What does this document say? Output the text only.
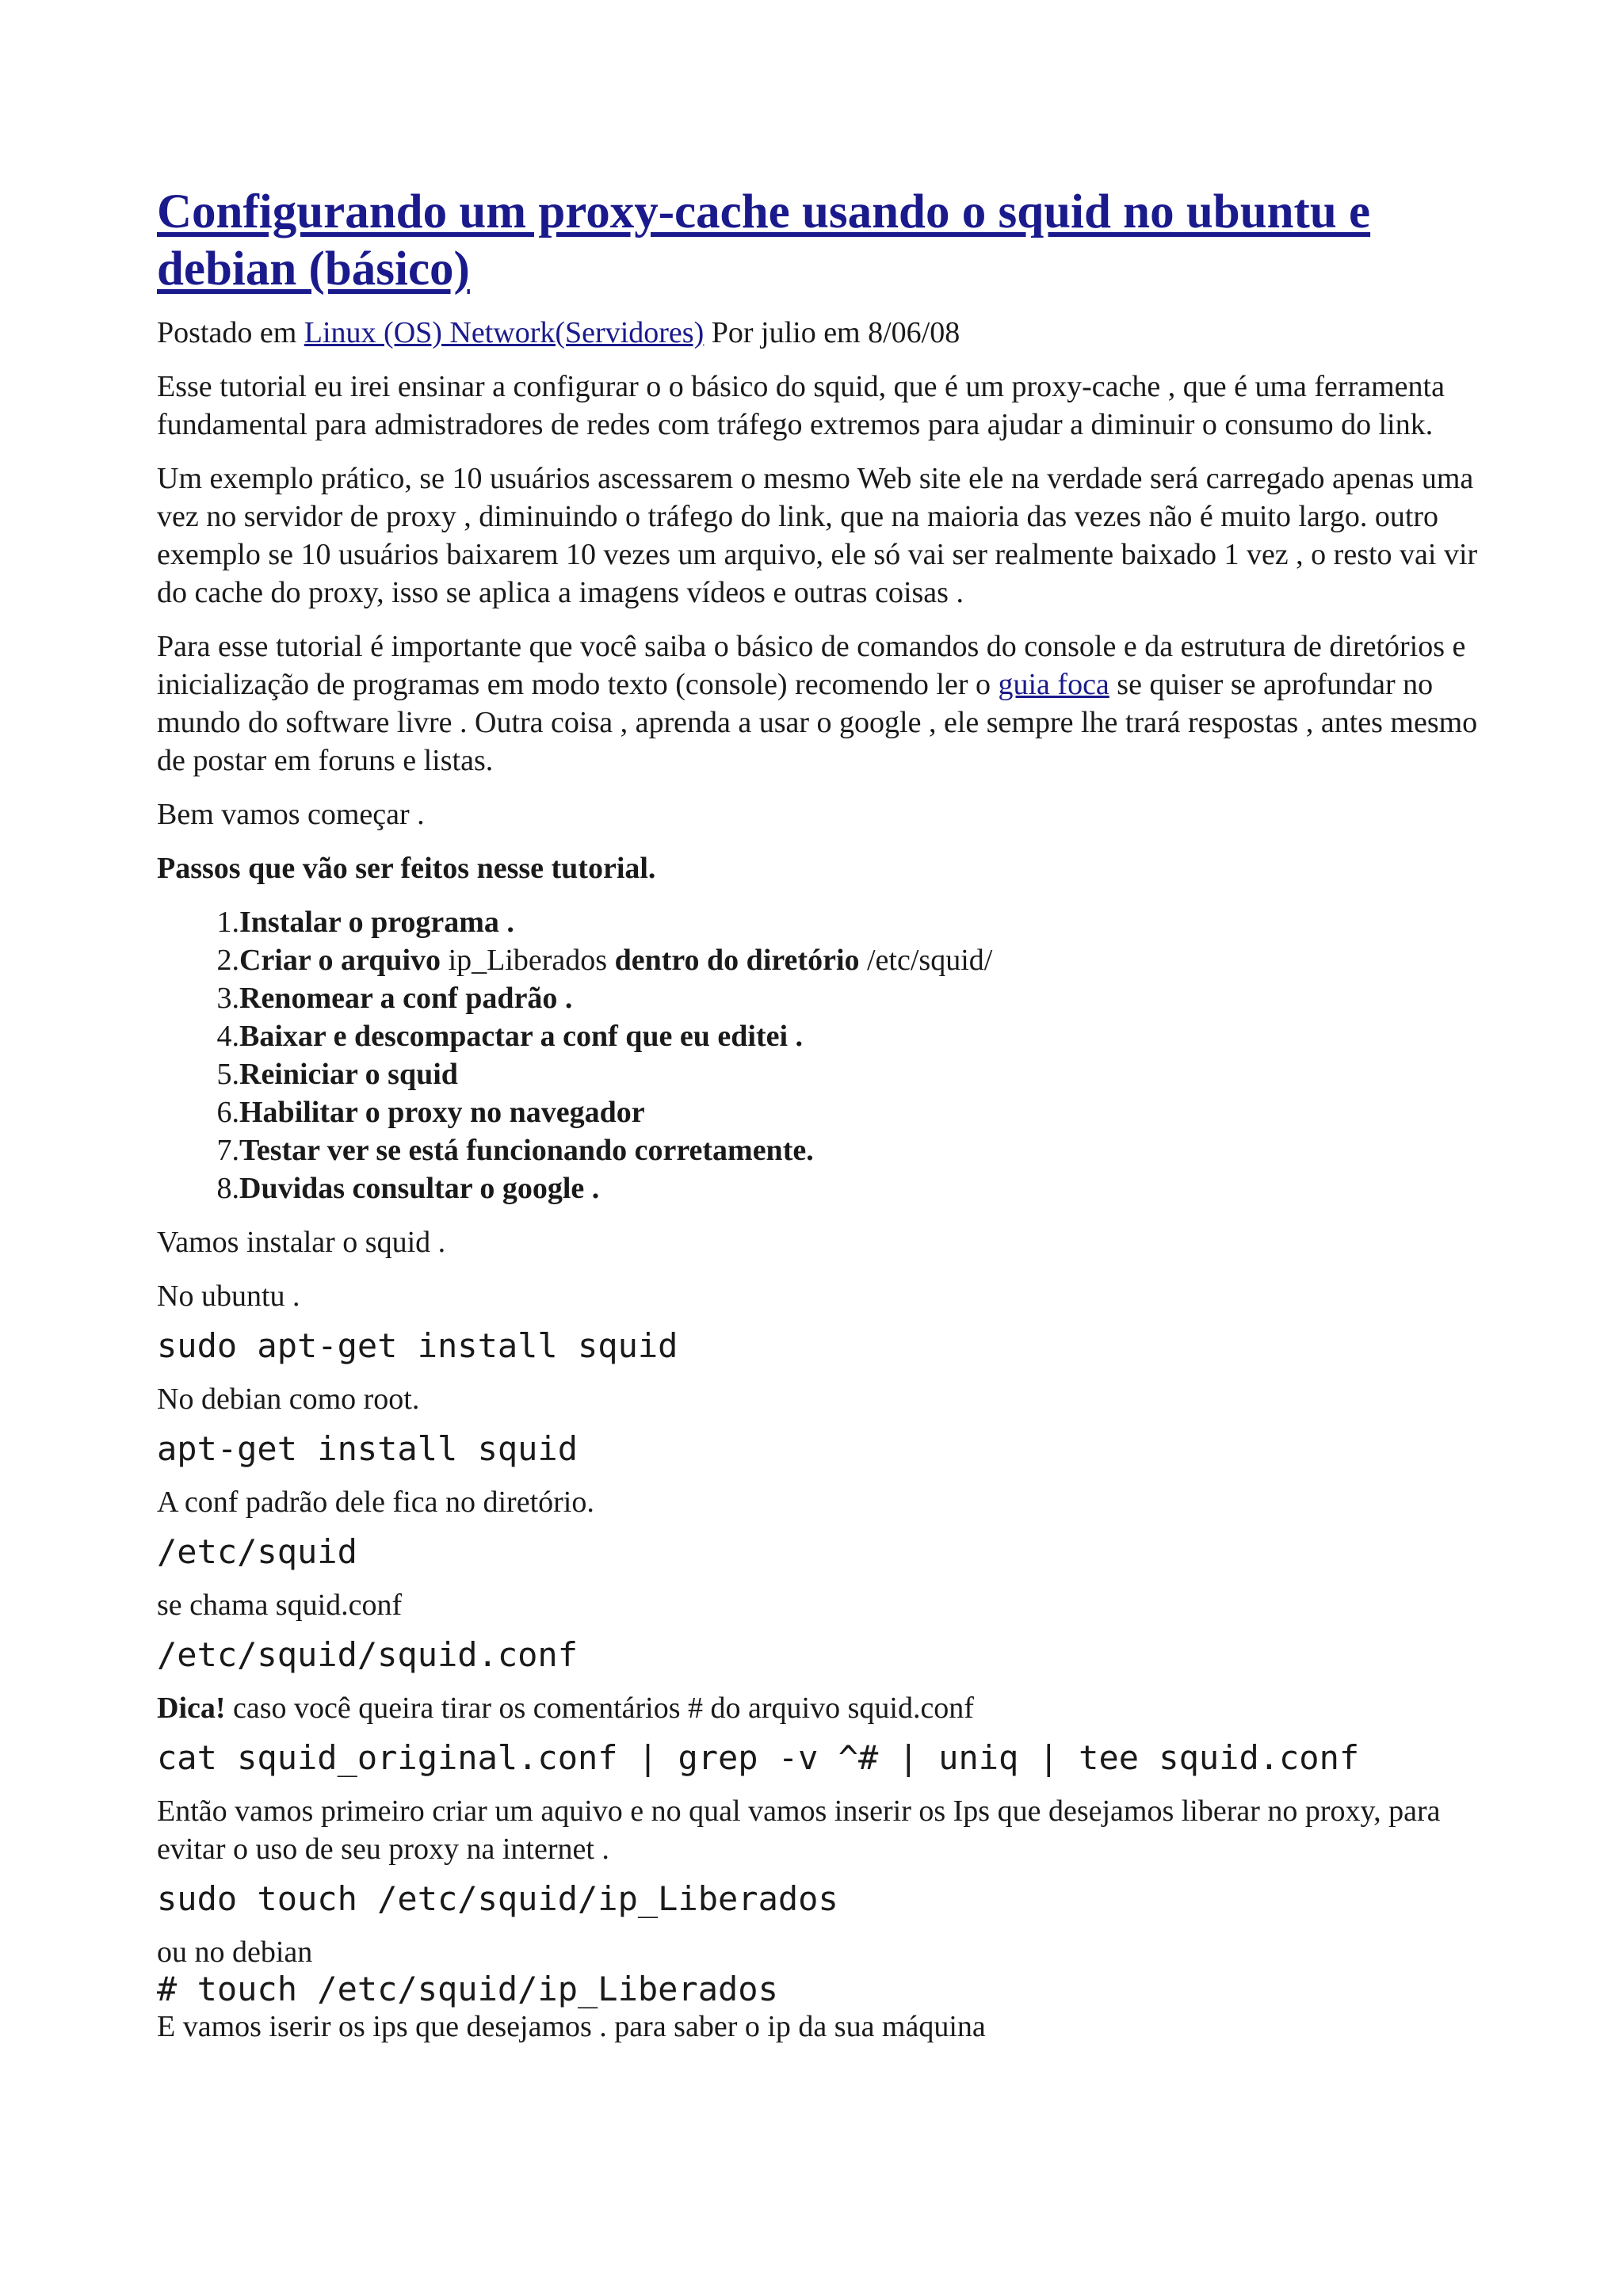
Configurando um proxy-cache usando o squid no ubuntu e debian (básico)

Postado em Linux (OS) Network(Servidores) Por julio em 8/06/08

Esse tutorial eu irei ensinar a configurar o o básico do squid, que é um proxy-cache , que é uma ferramenta fundamental para admistradores de redes com tráfego extremos para ajudar a diminuir o consumo do link.

Um exemplo prático, se 10 usuários ascessarem o mesmo Web site ele na verdade será carregado apenas uma vez no servidor de proxy , diminuindo o tráfego do link, que na maioria das vezes não é muito largo. outro exemplo se 10 usuários baixarem 10 vezes um arquivo, ele só vai ser realmente baixado 1 vez , o resto vai vir do cache do proxy, isso se aplica a imagens vídeos e outras coisas .

Para esse tutorial é importante que você saiba o básico de comandos do console e da estrutura de diretórios e inicialização de programas em modo texto (console) recomendo ler o guia foca se quiser se aprofundar no mundo do software livre . Outra coisa , aprenda a usar o google , ele sempre lhe trará respostas , antes mesmo de postar em foruns e listas.

Bem vamos começar .

Passos que vão ser feitos nesse tutorial.

1.Instalar o programa .
2.Criar o arquivo ip_Liberados dentro do diretório /etc/squid/
3.Renomear a conf padrão .
4.Baixar e descompactar a conf que eu editei .
5.Reiniciar o squid
6.Habilitar o proxy no navegador
7.Testar ver se está funcionando corretamente.
8.Duvidas consultar o google .

Vamos instalar o squid .

No ubuntu .

sudo apt-get install squid

No debian como root.

apt-get install squid

A conf padrão dele fica no diretório.

/etc/squid

se chama squid.conf

/etc/squid/squid.conf

Dica! caso você queira tirar os comentários # do arquivo squid.conf

cat squid_original.conf | grep -v ^# | uniq | tee squid.conf

Então vamos primeiro criar um aquivo e no qual vamos inserir os Ips que desejamos liberar no proxy, para evitar o uso de seu proxy na internet .

sudo touch /etc/squid/ip_Liberados

ou no debian

# touch /etc/squid/ip_Liberados

E vamos iserir os ips que desejamos . para saber o ip da sua máquina
